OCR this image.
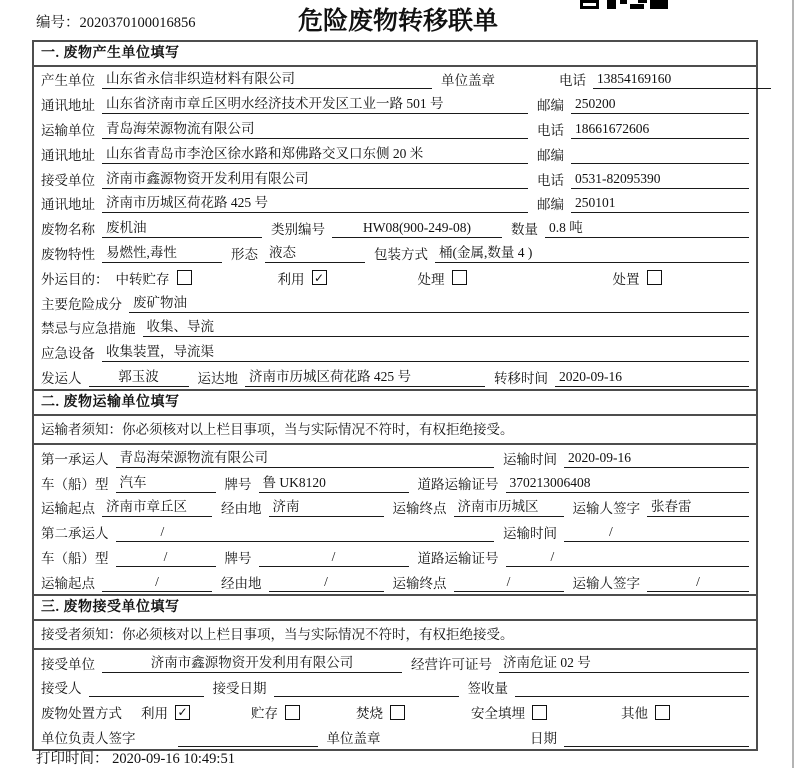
编号：2020370100016856	危险废物转移联单
一. 废物产生单位填写
产生单位 山东省永信非织造材料有限公司	单位盖章	电话 13854169160
通讯地址 山东省济南市章丘区明水经济技术开发区工业一路 501 号	邮编 250200
运输单位 青岛海荣源物流有限公司	电话 18661672606
通讯地址 山东省青岛市李沧区徐水路和郑佛路交叉口东侧 20 米	邮编
接受单位 济南市鑫源物资开发利用有限公司	电话 0531-82095390
通讯地址 济南市历城区荷花路 425 号	邮编 250101
废物名称 废机油	类别编号	HW08(900-249-08)	数量 0.8 吨
废物特性 易燃性,毒性	形态 液态	包装方式 桶(金属,数量 4 )
外运目的： 中转贮存	利用 ✓	处理	处置
主要危险成分 废矿物油
禁忌与应急措施 收集、导流
应急设备 收集装置，导流渠
发运人	郭玉波	运达地 济南市历城区荷花路 425 号	转移时间 2020-09-16
二. 废物运输单位填写
运输者须知：你必须核对以上栏目事项，当与实际情况不符时，有权拒绝接受。
第一承运人 青岛海荣源物流有限公司	运输时间 2020-09-16
车（船）型 汽车	牌号 鲁 UK8120	道路运输证号 370213006408
运输起点 济南市章丘区	经由地 济南	运输终点 济南市历城区	运输人签字 张春雷
第二承运人	/	运输时间	/
车（船）型	/	牌号	/	道路运输证号	/
运输起点	/	经由地	/	运输终点	/	运输人签字	/
三. 废物接受单位填写
接受者须知：你必须核对以上栏目事项，当与实际情况不符时，有权拒绝接受。
接受单位	济南市鑫源物资开发利用有限公司	经营许可证号 济南危证 02 号
接受人	接受日期	签收量
废物处置方式 利用 ✓	贮存	焚烧	安全填埋	其他
单位负责人签字	单位盖章	日期
打印时间： 2020-09-16 10:49:51
